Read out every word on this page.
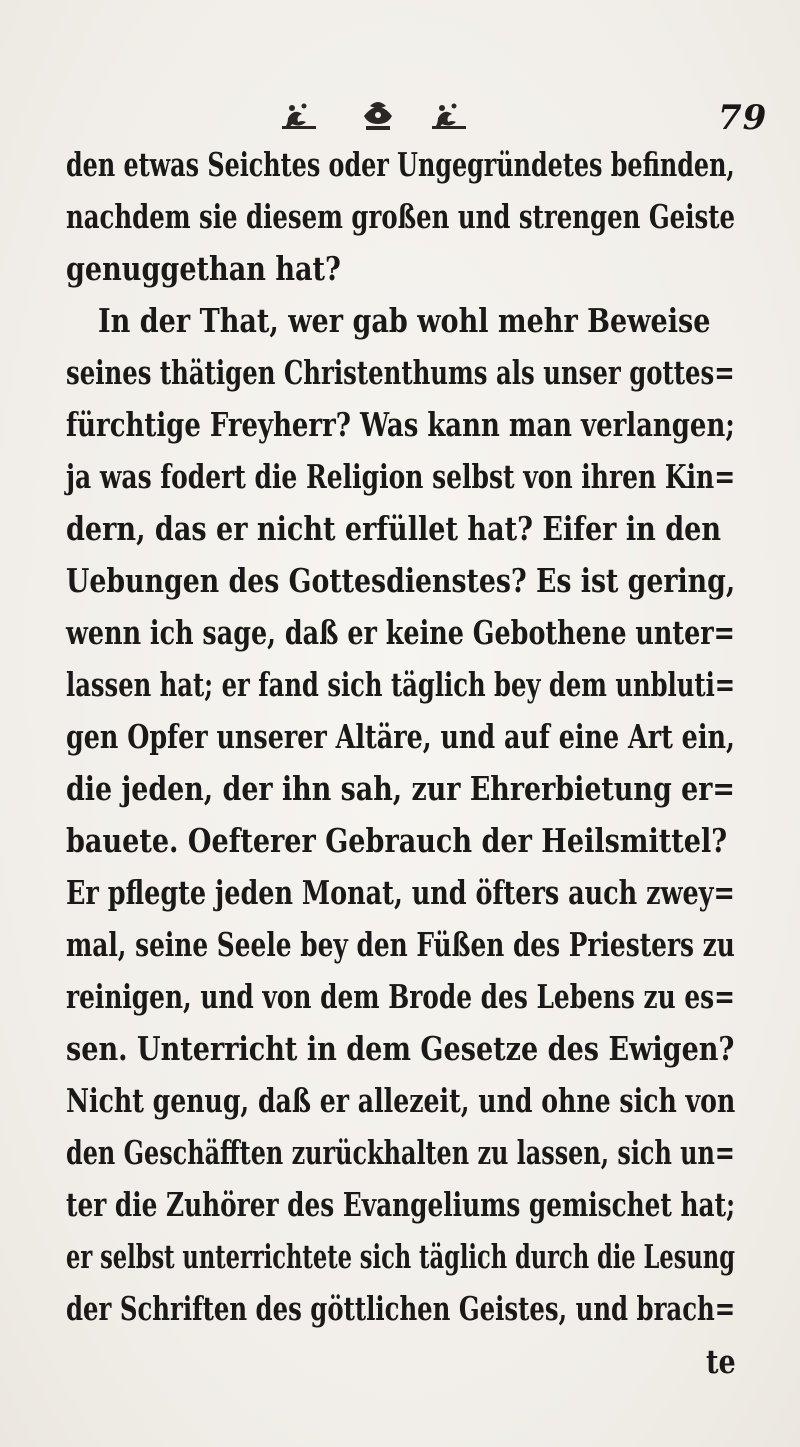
79
den etwas Seichtes oder Ungegründetes befinden,
nachdem sie diesem großen und strengen Geiste
genuggethan hat?
In der That, wer gab wohl mehr Beweise
seines thätigen Christenthums als unser gottes=
fürchtige Freyherr? Was kann man verlangen;
ja was fodert die Religion selbst von ihren Kin=
dern, das er nicht erfüllet hat? Eifer in den
Uebungen des Gottesdienstes? Es ist gering,
wenn ich sage, daß er keine Gebothene unter=
lassen hat; er fand sich täglich bey dem unbluti=
gen Opfer unserer Altäre, und auf eine Art ein,
die jeden, der ihn sah, zur Ehrerbietung er=
bauete. Oefterer Gebrauch der Heilsmittel?
Er pflegte jeden Monat, und öfters auch zwey=
mal, seine Seele bey den Füßen des Priesters zu
reinigen, und von dem Brode des Lebens zu es=
sen. Unterricht in dem Gesetze des Ewigen?
Nicht genug, daß er allezeit, und ohne sich von
den Geschäfften zurückhalten zu lassen, sich un=
ter die Zuhörer des Evangeliums gemischet hat;
er selbst unterrichtete sich täglich durch die Lesung
der Schriften des göttlichen Geistes, und brach=
te
